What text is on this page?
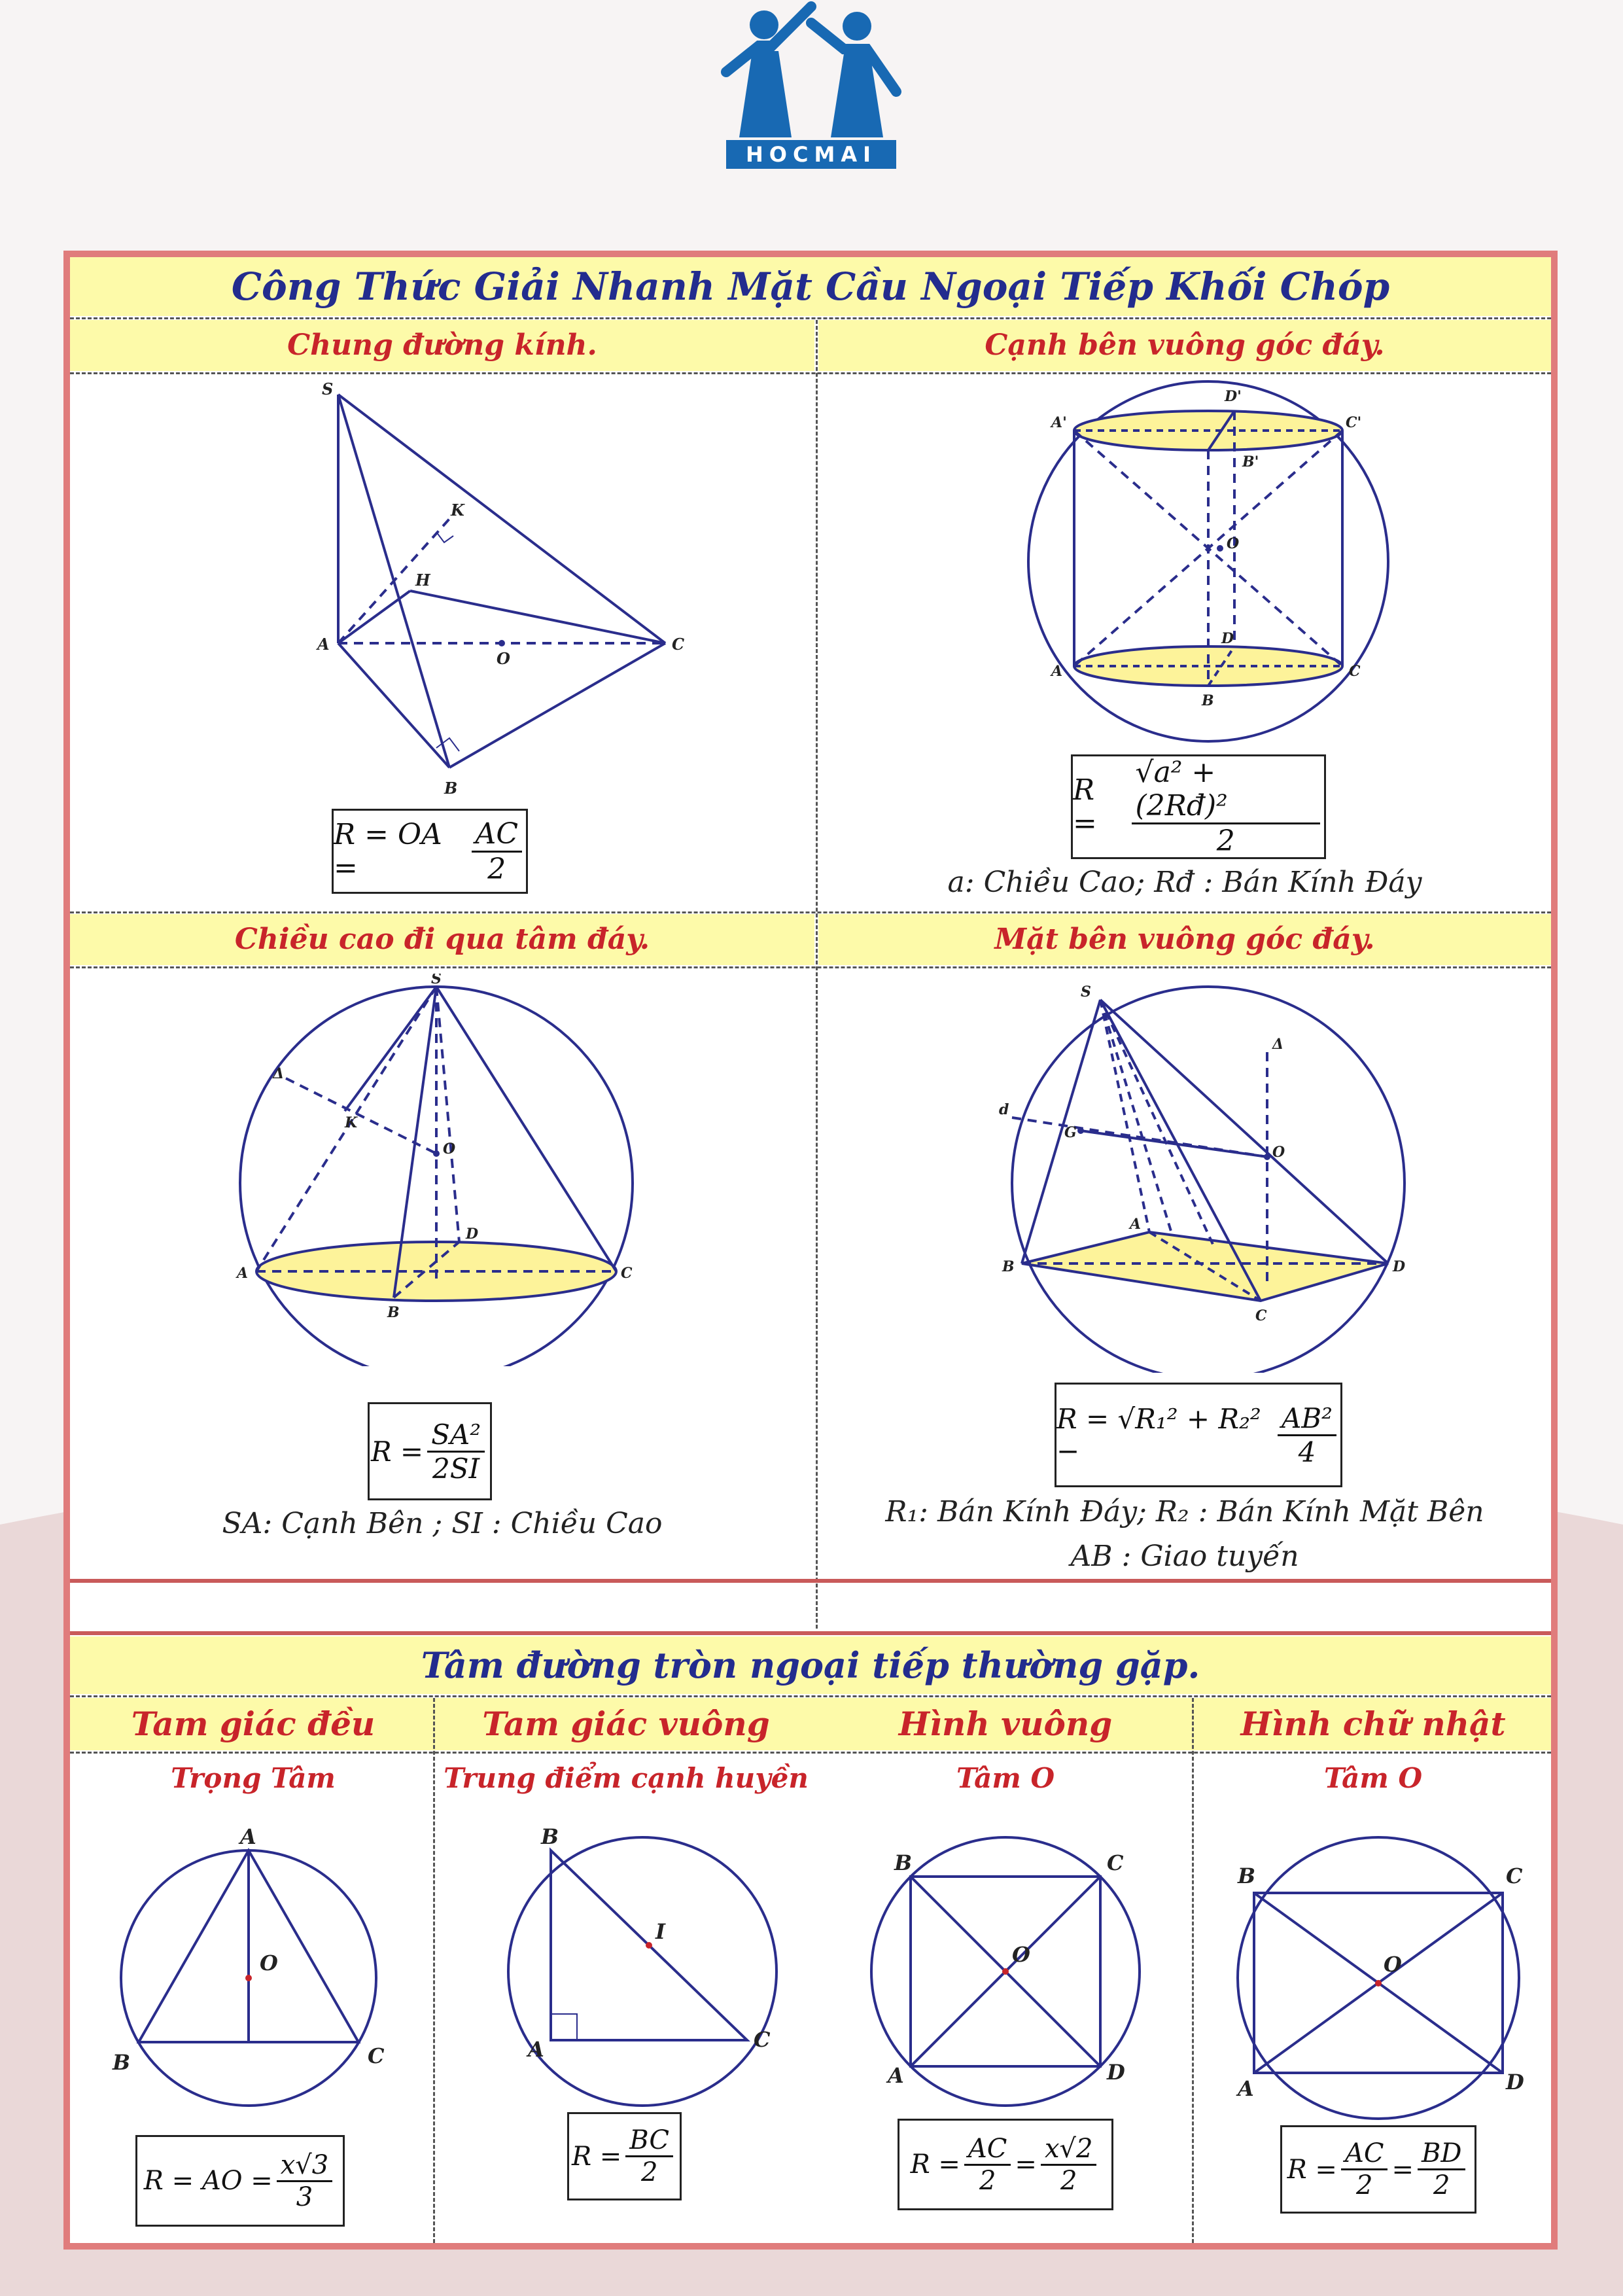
HOCMAI
Công Thức Giải Nhanh Mặt Cầu Ngoại Tiếp Khối Chóp
Chung đường kính.	Cạnh bên vuông góc đáy.
S
K
H
A
O
C
B
R = OA =	$\frac{AC}{2}$
A'
D'
C'
B'
O
D
A	C
B
R =	$\frac{\text{√a² + (2Rđ)²}}{2}$
a: Chiều Cao; Rđ : Bán Kính Đáy
Chiều cao đi qua tâm đáy.	Mặt bên vuông góc đáy.
S
Δ
K
O
D
A	C
B
$R = \frac{\text{SA²}}{2SI}$
SA: Cạnh Bên ; SI : Chiều Cao
S
Δ
d
G
O
A
B	D
C
R = √R₁² + R₂² −	$\frac{\text{AB²}}{4}$
R₁: Bán Kính Đáy; R₂ : Bán Kính Mặt Bên
AB : Giao tuyến
Tâm đường tròn ngoại tiếp thường gặp.
Tam giác đều	Tam giác vuông	Hình vuông	Hình chữ nhật
Trọng Tâm	Trung điểm cạnh huyền	Tâm O	Tâm O
A
O
B	C
B
I
A	C
B	C
O
A	D
B	C
O
A	D
R = AO = $\frac{x√3}{3}$	$R = \frac{BC}{2}$	$R = \frac{AC}{2} = \frac{x√2}{2}$	$R = \frac{AC}{2} = \frac{BD}{2}$
